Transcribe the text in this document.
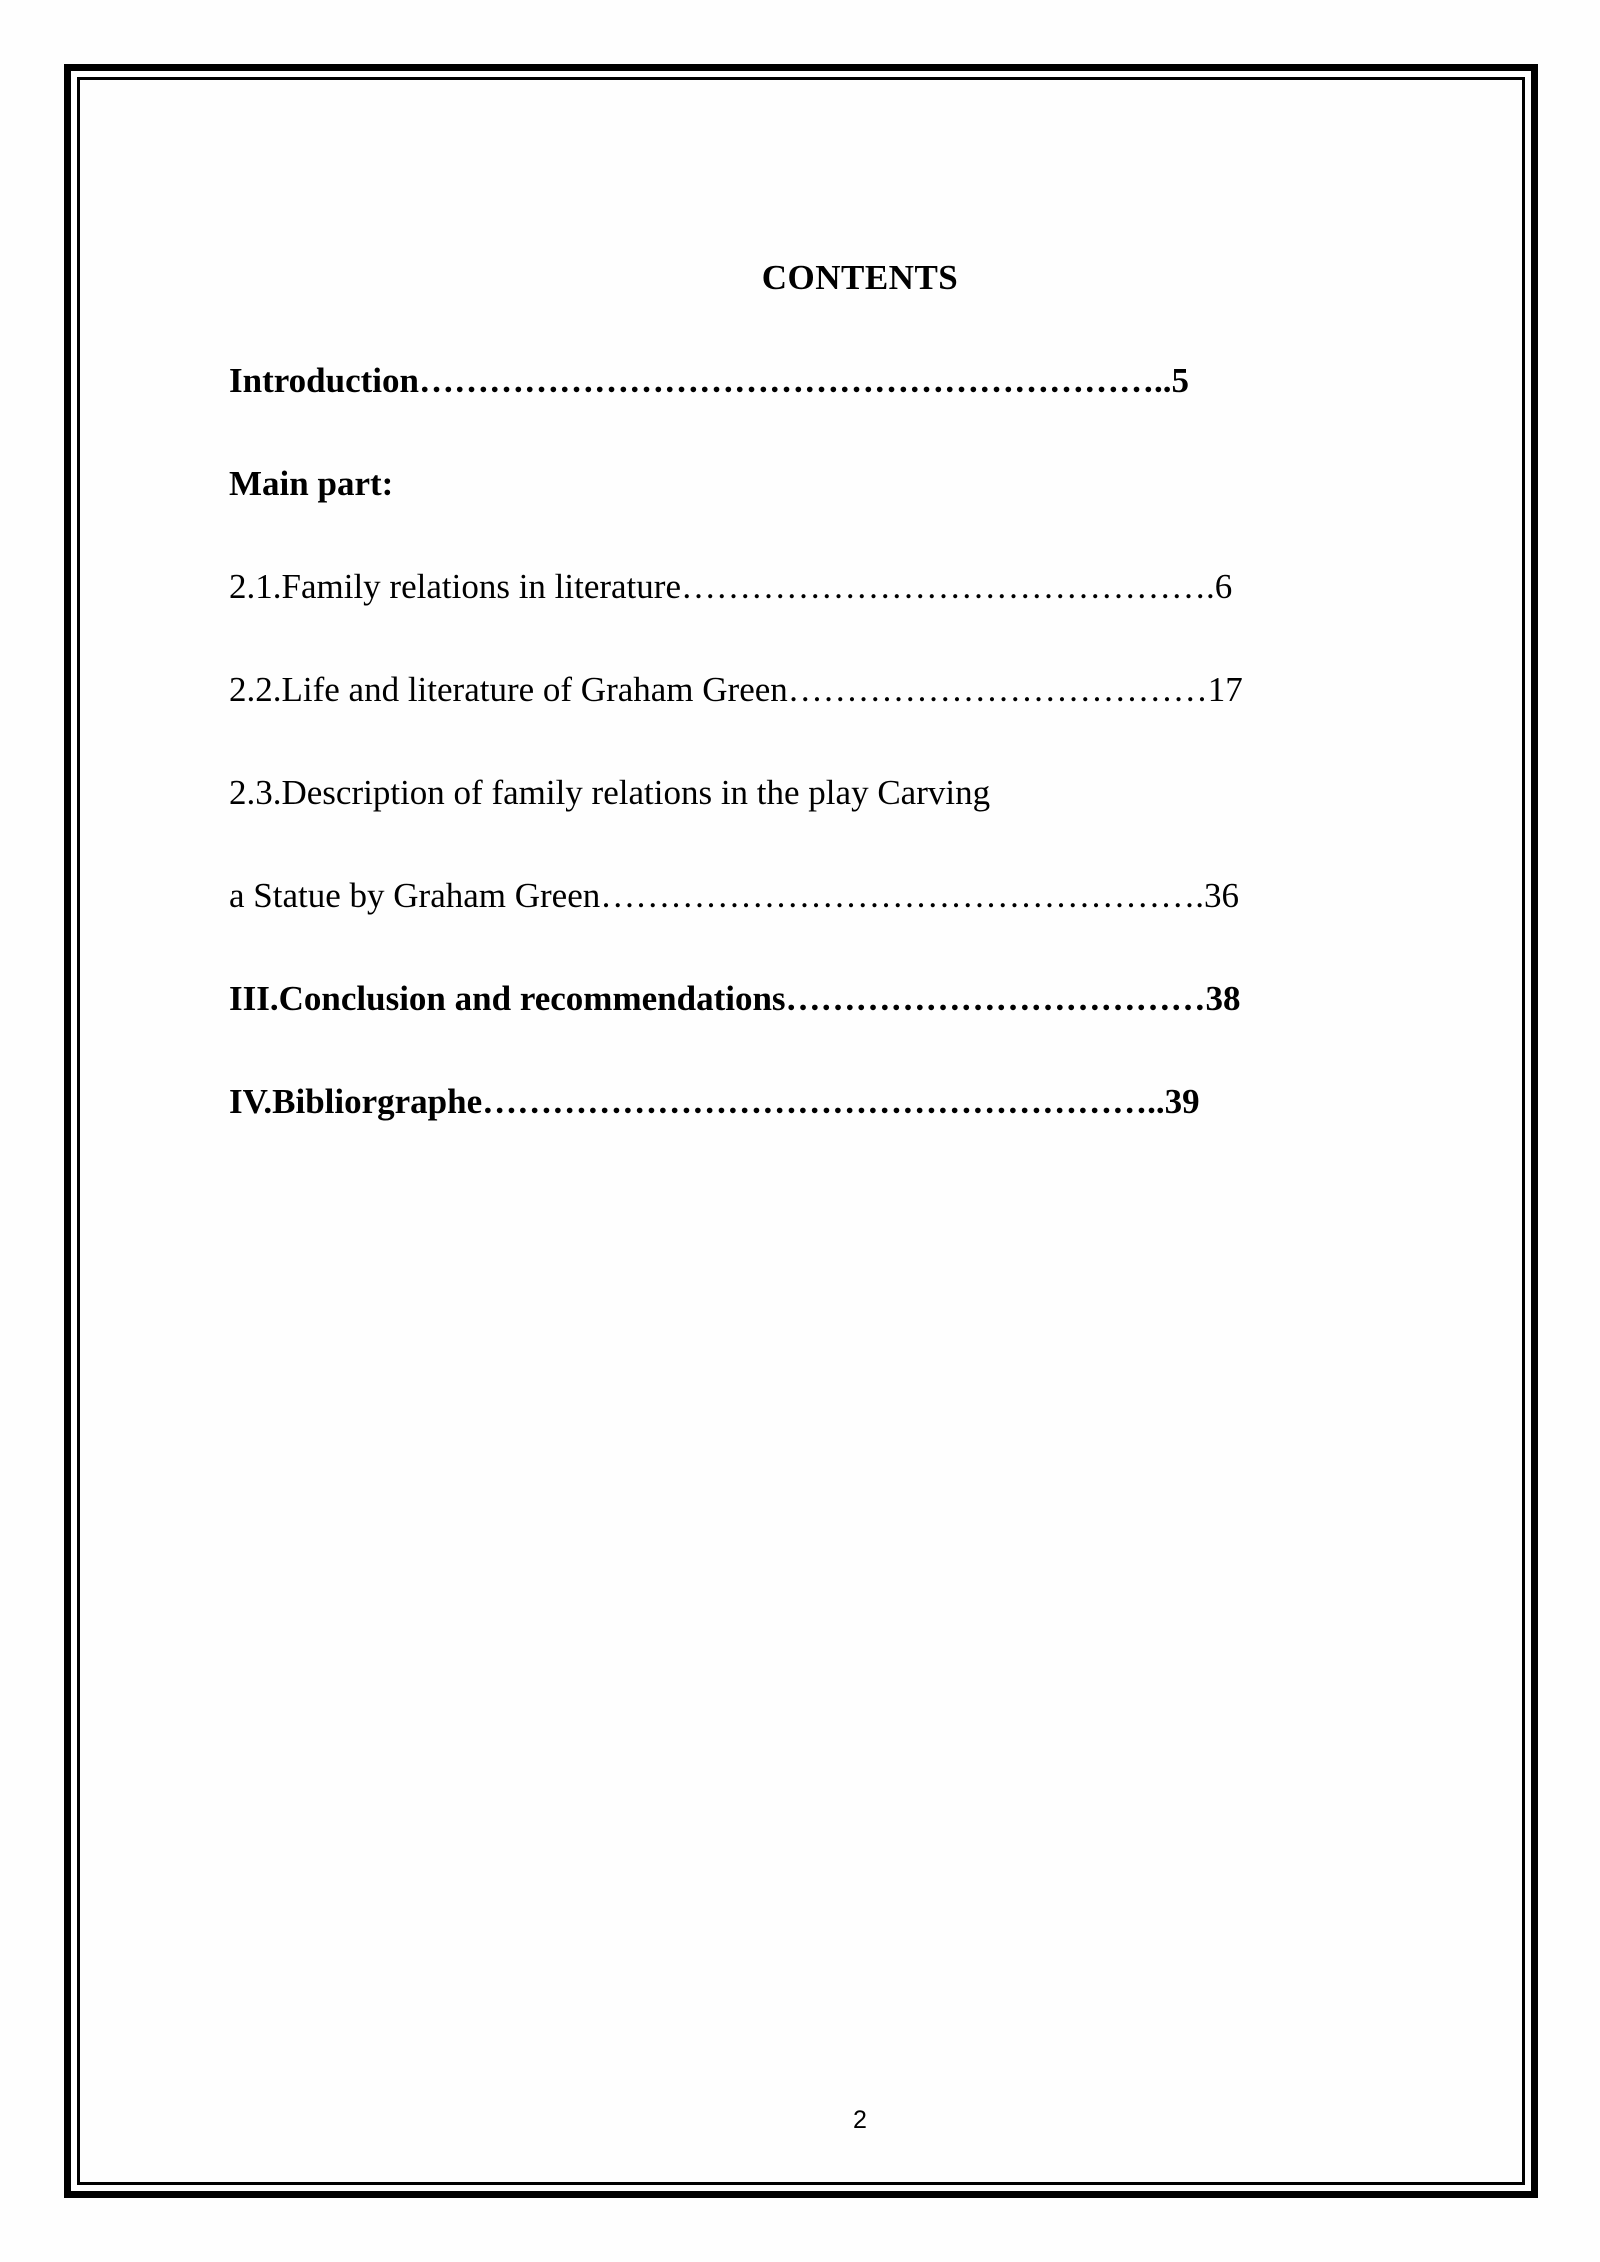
CONTENTS
Introduction………………………………………………………..5
Main part:
2.1.Family relations in literature……………………………………….6
2.2.Life and literature of Graham Green………………………………17
2.3.Description of family relations in the play Carving
a Statue by Graham Green…………………………………………….36
III.Conclusion and recommendations………………………………38
IV.Bibliorgraphe…………………………………………………..39
2
